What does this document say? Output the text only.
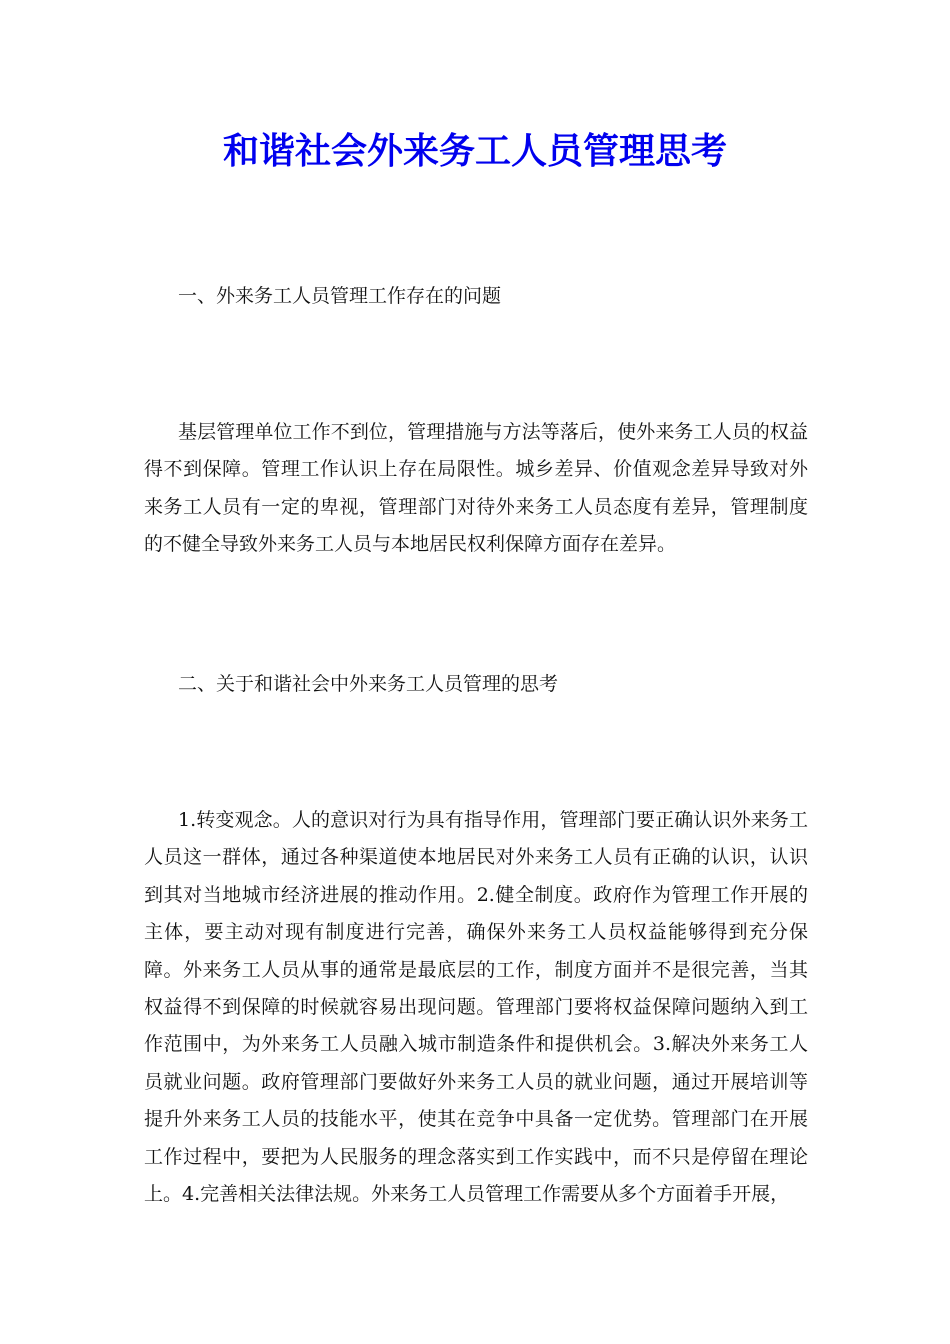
和谐社会外来务工人员管理思考

一、外来务工人员管理工作存在的问题

基层管理单位工作不到位，管理措施与方法等落后，使外来务工人员的权益得不到保障。管理工作认识上存在局限性。城乡差异、价值观念差异导致对外来务工人员有一定的卑视，管理部门对待外来务工人员态度有差异，管理制度的不健全导致外来务工人员与本地居民权利保障方面存在差异。

二、关于和谐社会中外来务工人员管理的思考

1.转变观念。人的意识对行为具有指导作用，管理部门要正确认识外来务工人员这一群体，通过各种渠道使本地居民对外来务工人员有正确的认识，认识到其对当地城市经济进展的推动作用。2.健全制度。政府作为管理工作开展的主体，要主动对现有制度进行完善，确保外来务工人员权益能够得到充分保障。外来务工人员从事的通常是最底层的工作，制度方面并不是很完善，当其权益得不到保障的时候就容易出现问题。管理部门要将权益保障问题纳入到工作范围中，为外来务工人员融入城市制造条件和提供机会。3.解决外来务工人员就业问题。政府管理部门要做好外来务工人员的就业问题，通过开展培训等提升外来务工人员的技能水平，使其在竞争中具备一定优势。管理部门在开展工作过程中，要把为人民服务的理念落实到工作实践中，而不只是停留在理论上。4.完善相关法律法规。外来务工人员管理工作需要从多个方面着手开展，
